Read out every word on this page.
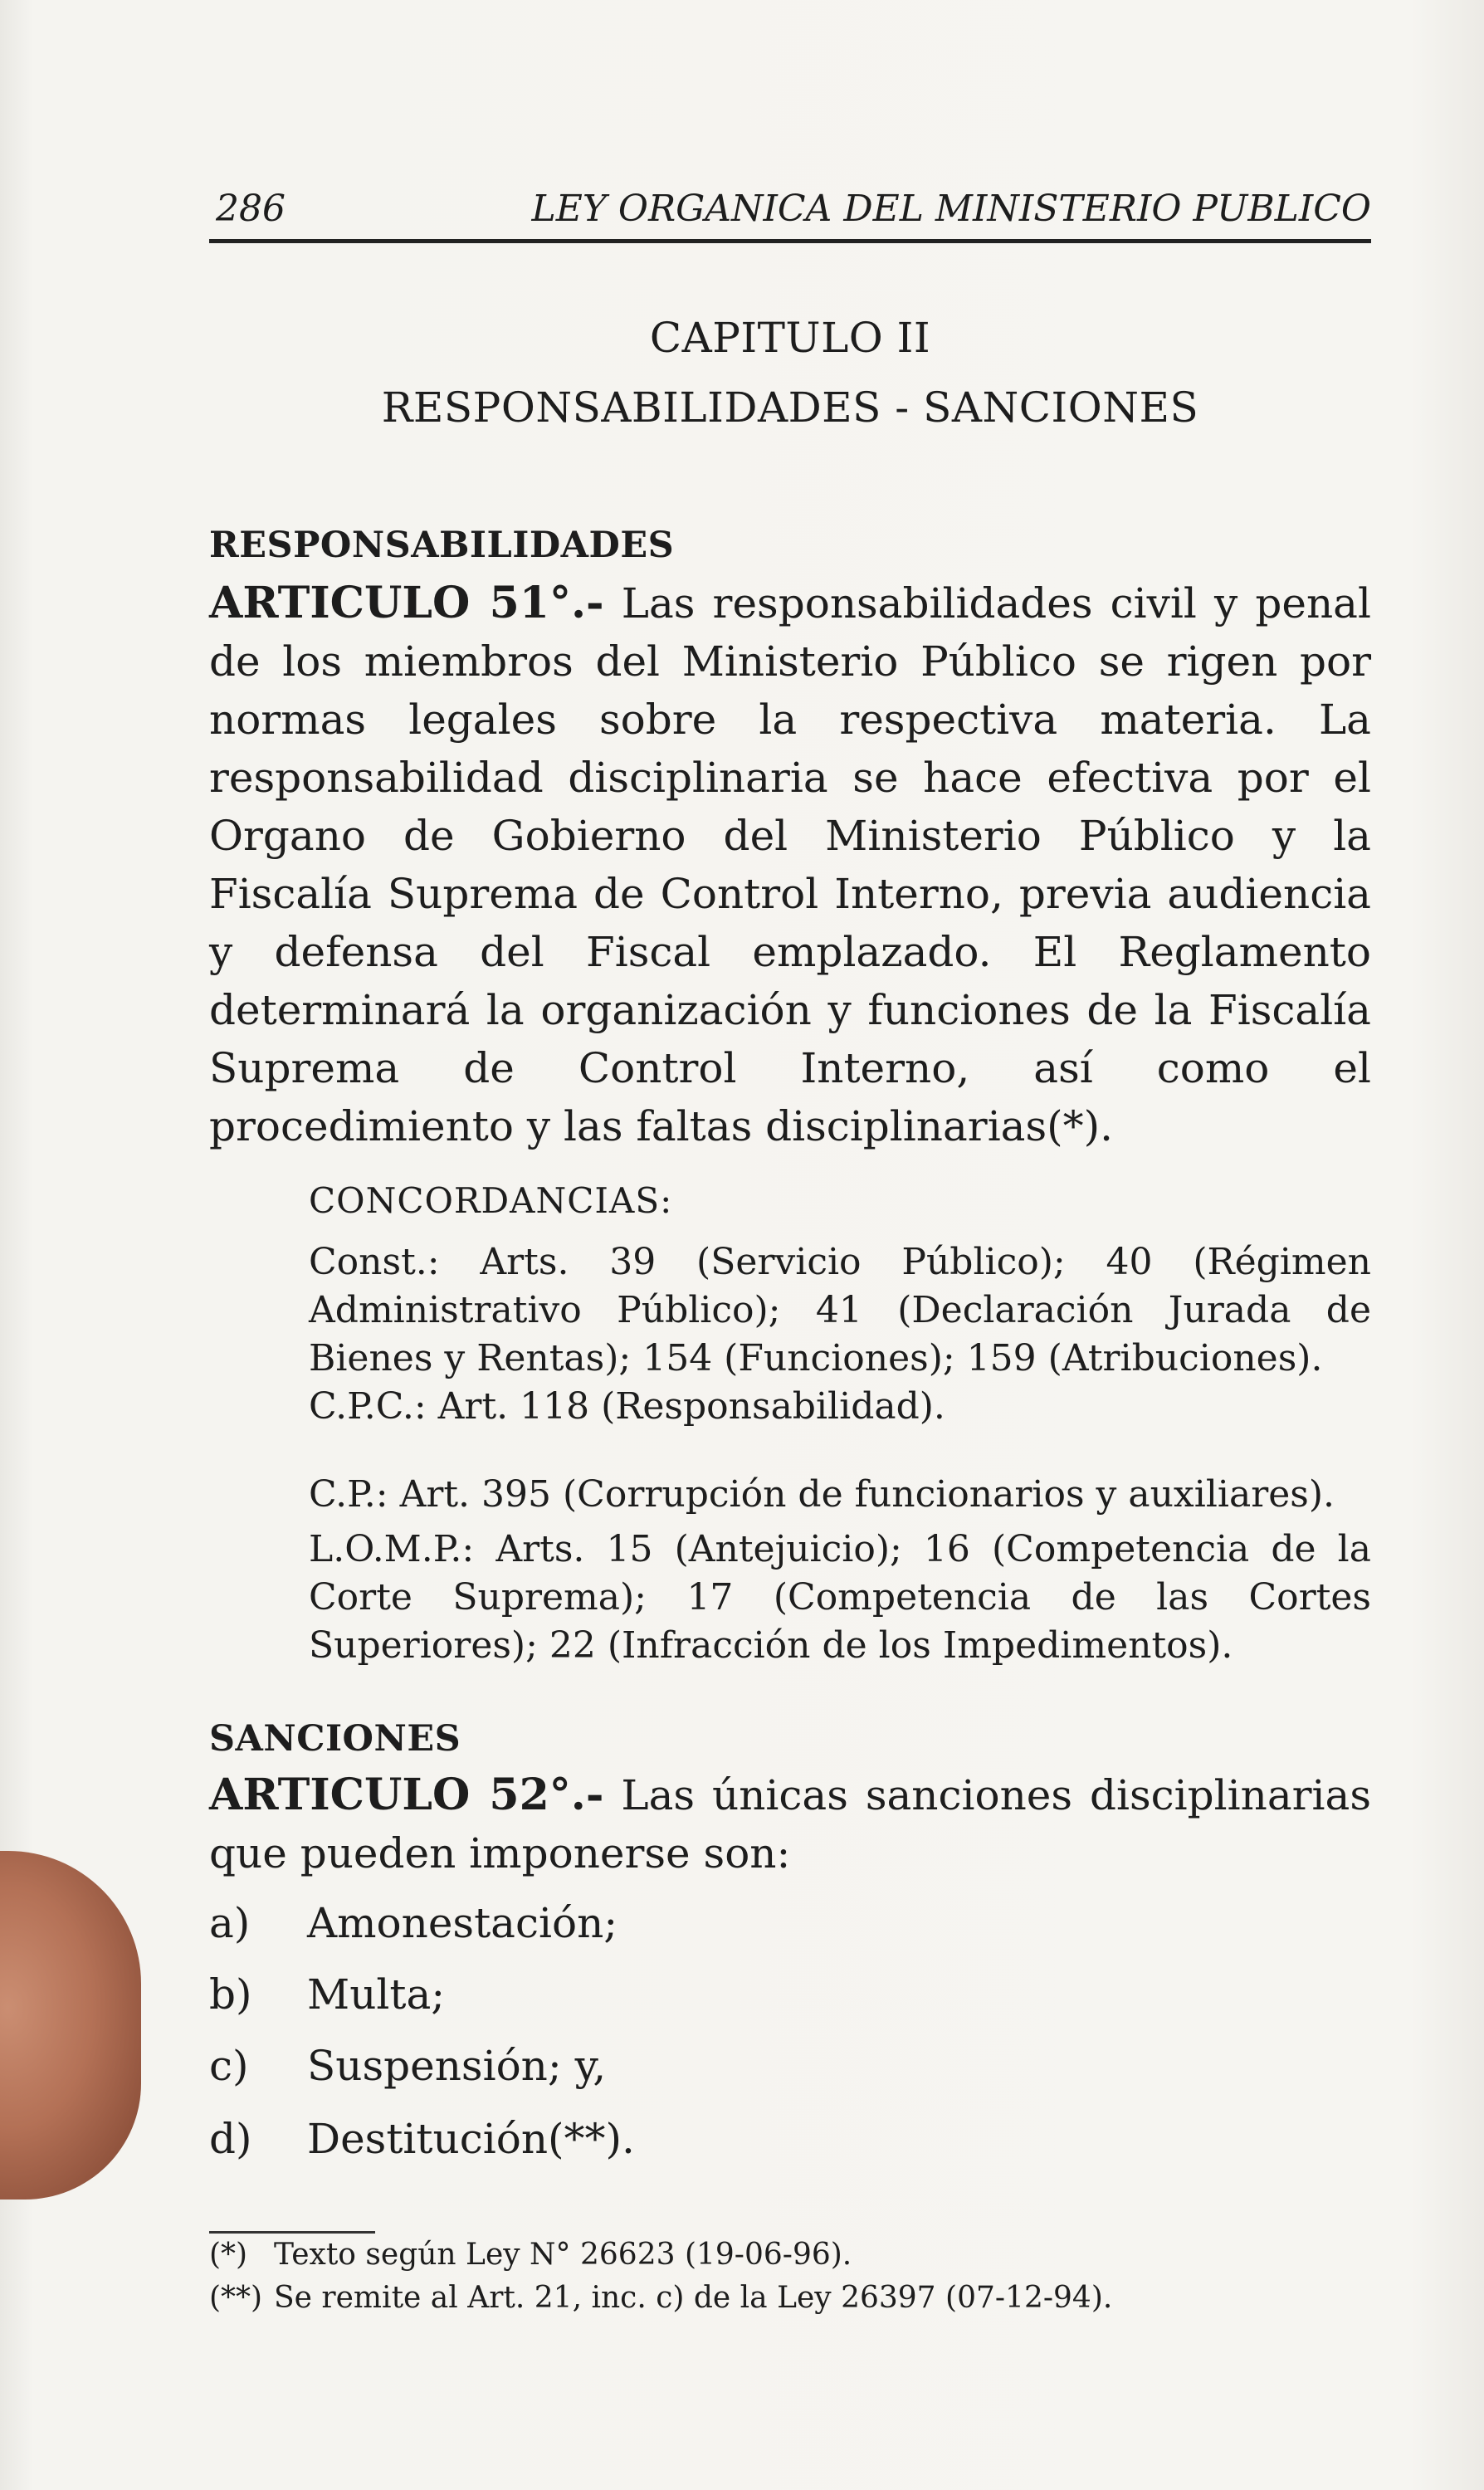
286	LEY ORGANICA DEL MINISTERIO PUBLICO
CAPITULO II
RESPONSABILIDADES - SANCIONES
RESPONSABILIDADES

ARTICULO 51°.- Las responsabilidades civil y penal de los miembros del Ministerio Público se rigen por normas legales sobre la respectiva materia. La responsabilidad disciplinaria se hace efectiva por el Organo de Gobierno del Ministerio Público y la Fiscalía Suprema de Control Interno, previa audiencia y defensa del Fiscal emplazado. El Reglamento determinará la organización y funciones de la Fiscalía Suprema de Control Interno, así como el procedimiento y las faltas disciplinarias(*).

CONCORDANCIAS:
Const.: Arts. 39 (Servicio Público); 40 (Régimen Administrativo Público); 41 (Declaración Jurada de Bienes y Rentas); 154 (Funciones); 159 (Atribuciones).
C.P.C.: Art. 118 (Responsabilidad).
C.P.: Art. 395 (Corrupción de funcionarios y auxiliares).
L.O.M.P.: Arts. 15 (Antejuicio); 16 (Competencia de la Corte Suprema); 17 (Competencia de las Cortes Superiores); 22 (Infracción de los Impedimentos).
SANCIONES

ARTICULO 52°.- Las únicas sanciones disciplinarias que pueden imponerse son:

a)	Amonestación;
b)	Multa;
c)	Suspensión; y,
d)	Destitución(**).
(*) Texto según Ley N° 26623 (19-06-96).
(**) Se remite al Art. 21, inc. c) de la Ley 26397 (07-12-94).
